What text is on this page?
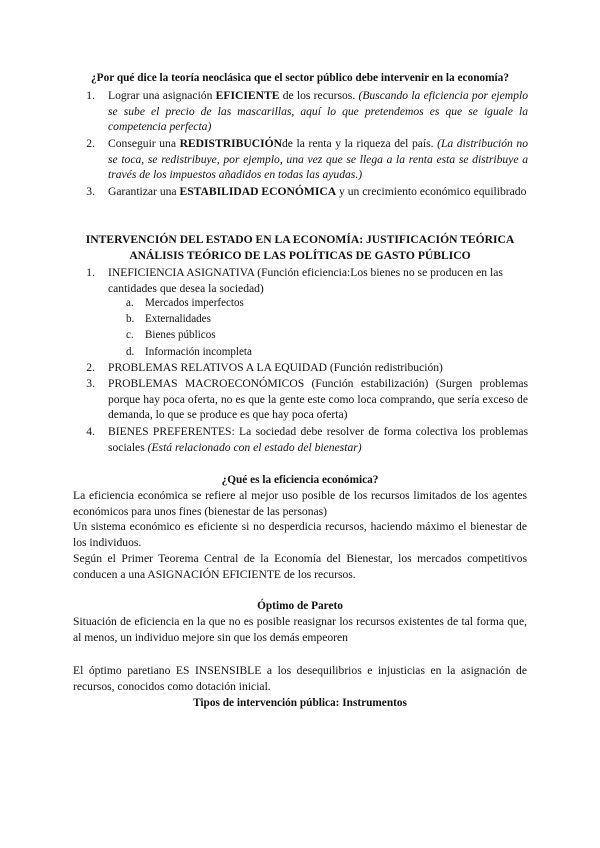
¿Por qué dice la teoría neoclásica que el sector público debe intervenir en la economía?
1. Lograr una asignación EFICIENTE de los recursos. (Buscando la eficiencia por ejemplo se sube el precio de las mascarillas, aquí lo que pretendemos es que se iguale la competencia perfecta)
2. Conseguir una REDISTRIBUCIÓNde la renta y la riqueza del país. (La distribución no se toca, se redistribuye, por ejemplo, una vez que se llega a la renta esta se distribuye a través de los impuestos añadidos en todas las ayudas.)
3. Garantizar una ESTABILIDAD ECONÓMICA y un crecimiento económico equilibrado
INTERVENCIÓN DEL ESTADO EN LA ECONOMÍA: JUSTIFICACIÓN TEÓRICA
ANÁLISIS TEÓRICO DE LAS POLÍTICAS DE GASTO PÚBLICO
1. INEFICIENCIA ASIGNATIVA (Función eficiencia:Los bienes no se producen en las cantidades que desea la sociedad)
a. Mercados imperfectos
b. Externalidades
c. Bienes públicos
d. Información incompleta
2. PROBLEMAS RELATIVOS A LA EQUIDAD (Función redistribución)
3. PROBLEMAS MACROECONÓMICOS (Función estabilización) (Surgen problemas porque hay poca oferta, no es que la gente este como loca comprando, que sería exceso de demanda, lo que se produce es que hay poca oferta)
4. BIENES PREFERENTES: La sociedad debe resolver de forma colectiva los problemas sociales (Está relacionado con el estado del bienestar)
¿Qué es la eficiencia económica?
La eficiencia económica se refiere al mejor uso posible de los recursos limitados de los agentes económicos para unos fines (bienestar de las personas)
Un sistema económico es eficiente si no desperdicia recursos, haciendo máximo el bienestar de los individuos.
Según el Primer Teorema Central de la Economía del Bienestar, los mercados competitivos conducen a una ASIGNACIÓN EFICIENTE de los recursos.
Óptimo de Pareto
Situación de eficiencia en la que no es posible reasignar los recursos existentes de tal forma que, al menos, un individuo mejore sin que los demás empeoren
El óptimo paretiano ES INSENSIBLE a los desequilibrios e injusticias en la asignación de recursos, conocidos como dotación inicial.
Tipos de intervención pública: Instrumentos
